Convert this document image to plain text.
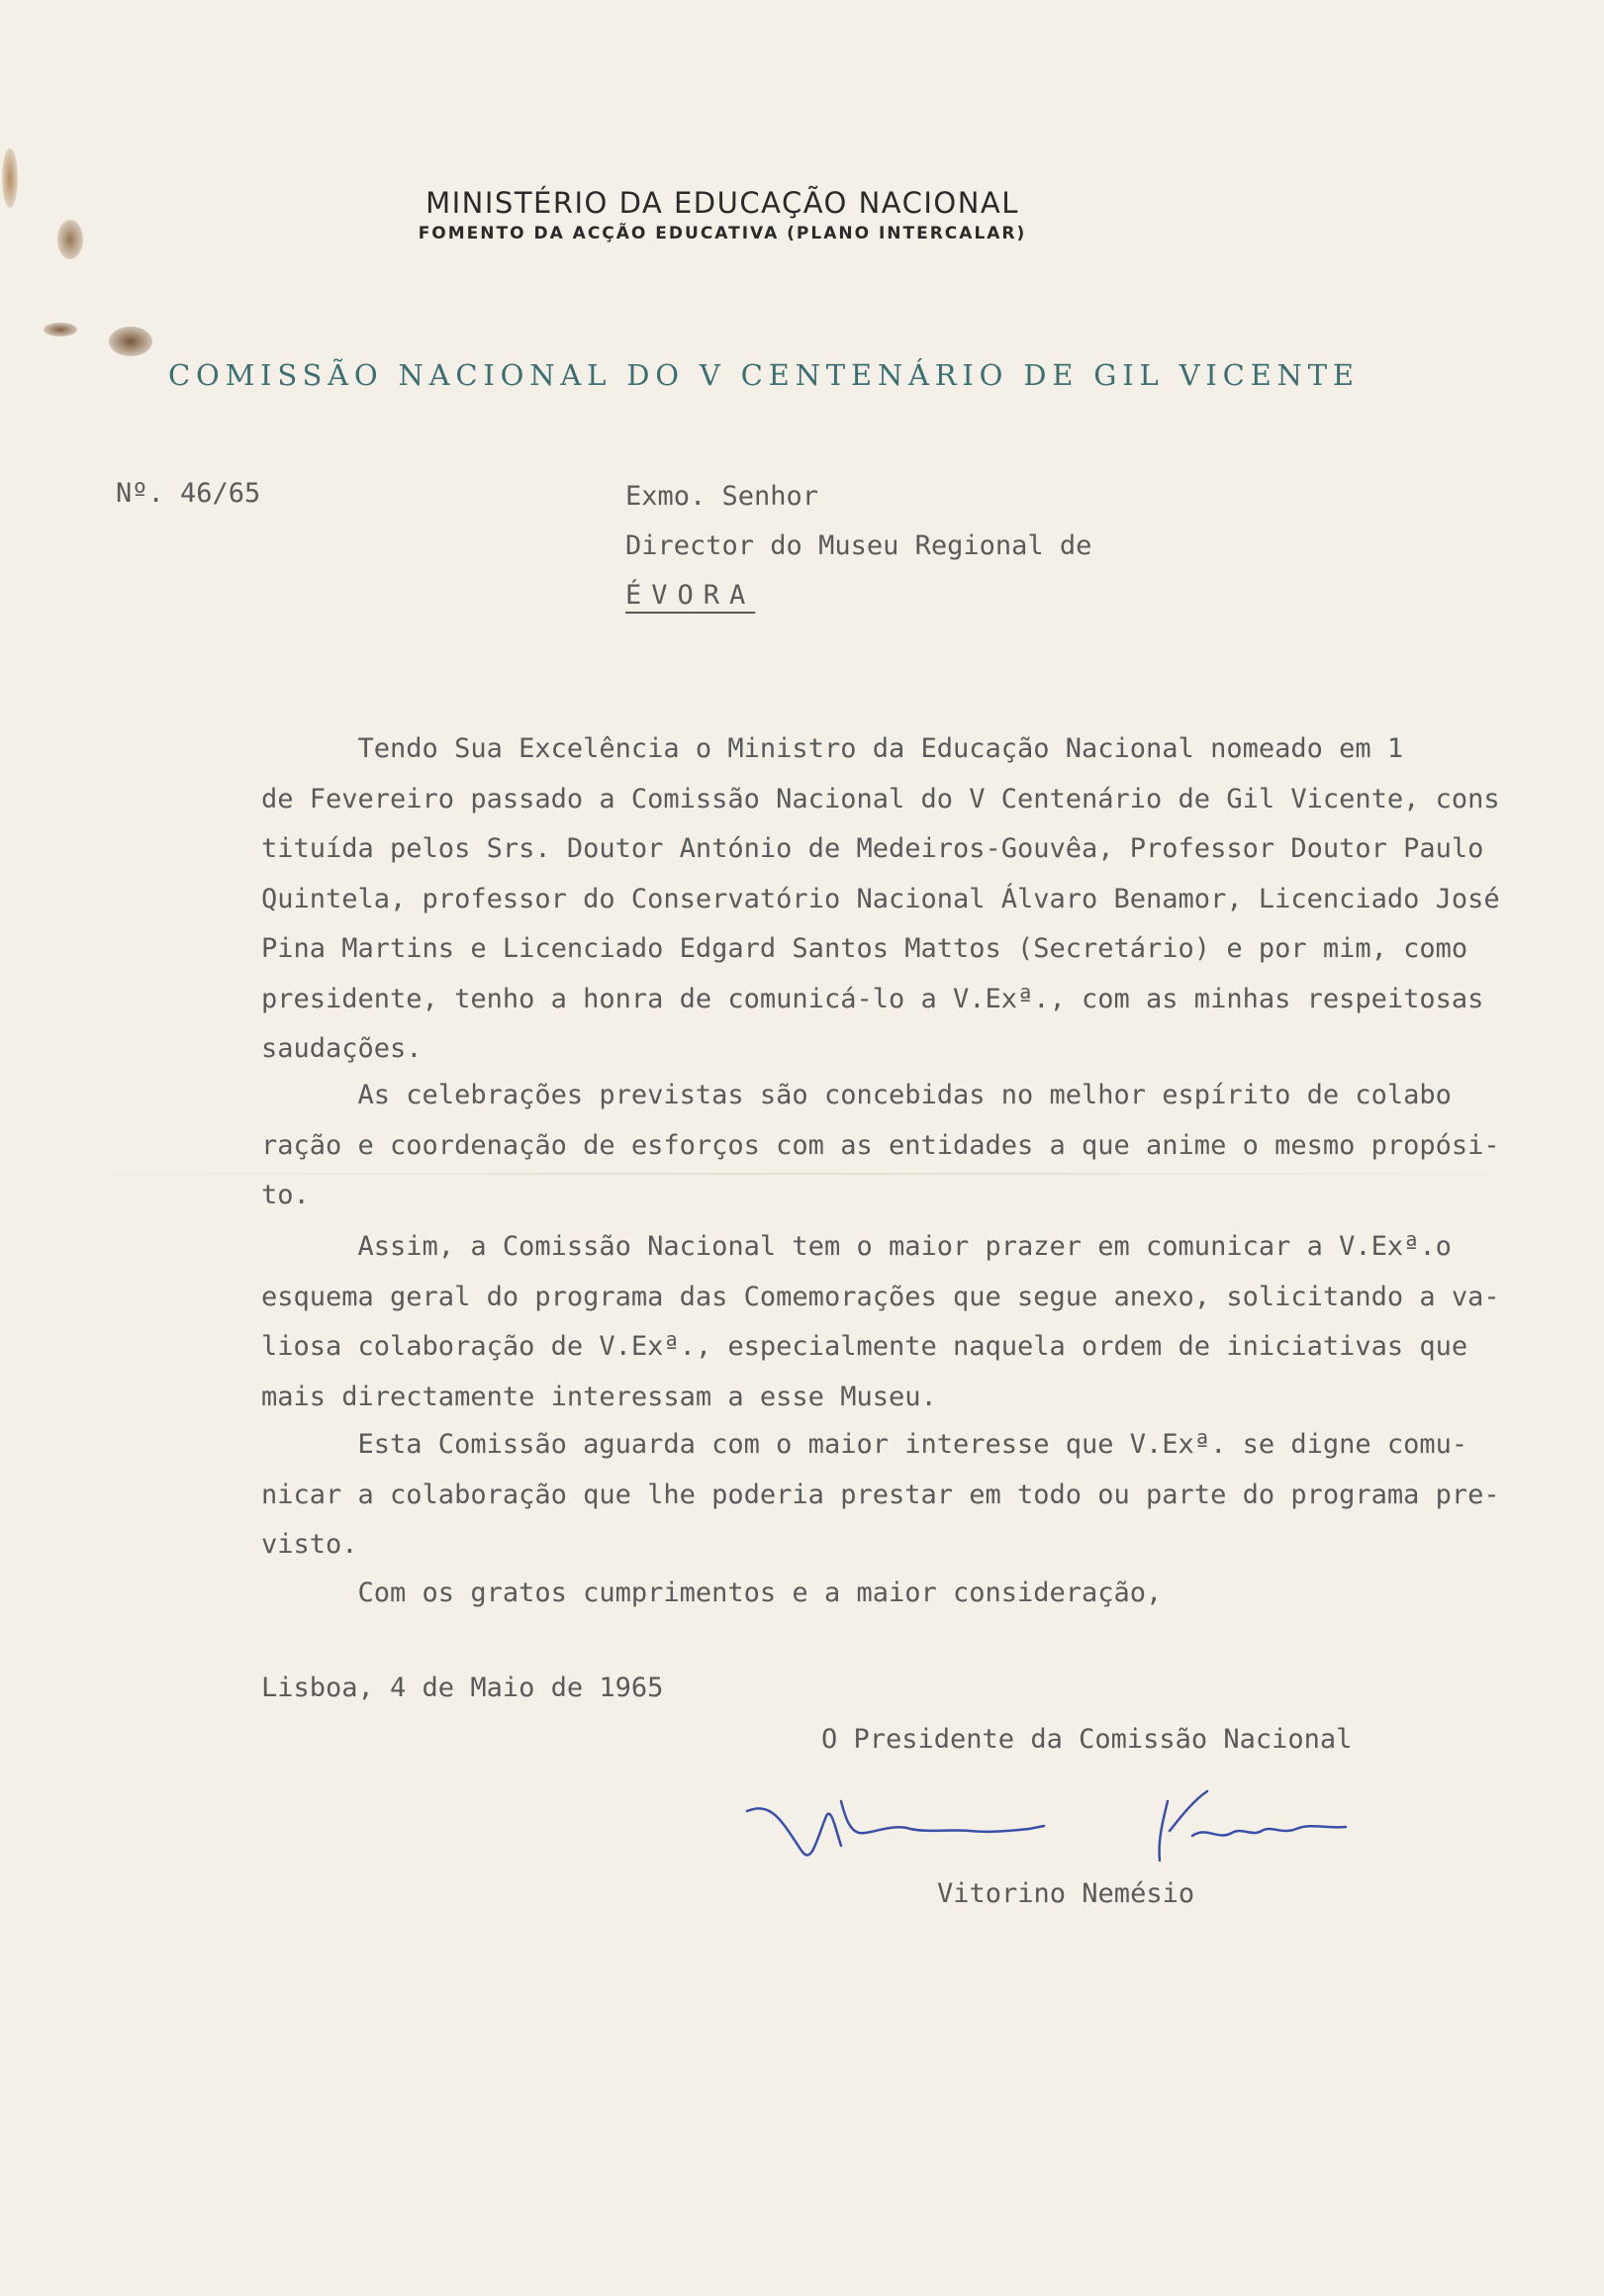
MINISTÉRIO DA EDUCAÇÃO NACIONAL
FOMENTO DA ACÇÃO EDUCATIVA (PLANO INTERCALAR)
COMISSÃO NACIONAL DO V CENTENÁRIO DE GIL VICENTE
Nº. 46/65	Exmo. Senhor
Director do Museu Regional de
ÉVORA
Tendo Sua Excelência o Ministro da Educação Nacional nomeado em 1
de Fevereiro passado a Comissão Nacional do V Centenário de Gil Vicente, cons
tituída pelos Srs. Doutor António de Medeiros-Gouvêa, Professor Doutor Paulo
Quintela, professor do Conservatório Nacional Álvaro Benamor, Licenciado José
Pina Martins e Licenciado Edgard Santos Mattos (Secretário) e por mim, como
presidente, tenho a honra de comunicá-lo a V.Exª., com as minhas respeitosas
saudações.
As celebrações previstas são concebidas no melhor espírito de colabo
ração e coordenação de esforços com as entidades a que anime o mesmo propósi-
to.
Assim, a Comissão Nacional tem o maior prazer em comunicar a V.Exª.o
esquema geral do programa das Comemorações que segue anexo, solicitando a va-
liosa colaboração de V.Exª., especialmente naquela ordem de iniciativas que
mais directamente interessam a esse Museu.
Esta Comissão aguarda com o maior interesse que V.Exª. se digne comu-
nicar a colaboração que lhe poderia prestar em todo ou parte do programa pre-
visto.
Com os gratos cumprimentos e a maior consideração,
Lisboa, 4 de Maio de 1965
O Presidente da Comissão Nacional
Vitorino Nemésio
